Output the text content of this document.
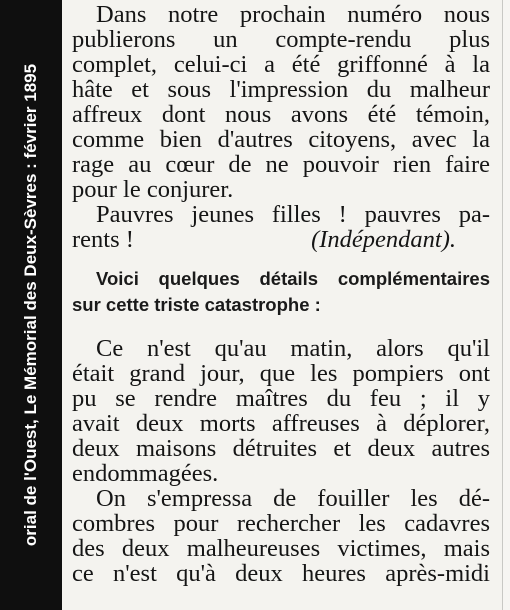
orial de l'Ouest, Le Mémorial des Deux-Sèvres : février 1895
Dans notre prochain numéro nous
publierons un compte-rendu plus
complet, celui-ci a été griffonné à la
hâte et sous l'impression du malheur
affreux dont nous avons été témoin,
comme bien d'autres citoyens, avec la
rage au cœur de ne pouvoir rien faire
pour le conjurer.
Pauvres jeunes filles ! pauvres pa-
rents !	(Indépendant).
Voici quelques détails complémentaires
sur cette triste catastrophe :
Ce n'est qu'au matin, alors qu'il
était grand jour, que les pompiers ont
pu se rendre maîtres du feu ; il y
avait deux morts affreuses à déplorer,
deux maisons détruites et deux autres
endommagées.
On s'empressa de fouiller les dé-
combres pour rechercher les cadavres
des deux malheureuses victimes, mais
ce n'est qu'à deux heures après-midi
